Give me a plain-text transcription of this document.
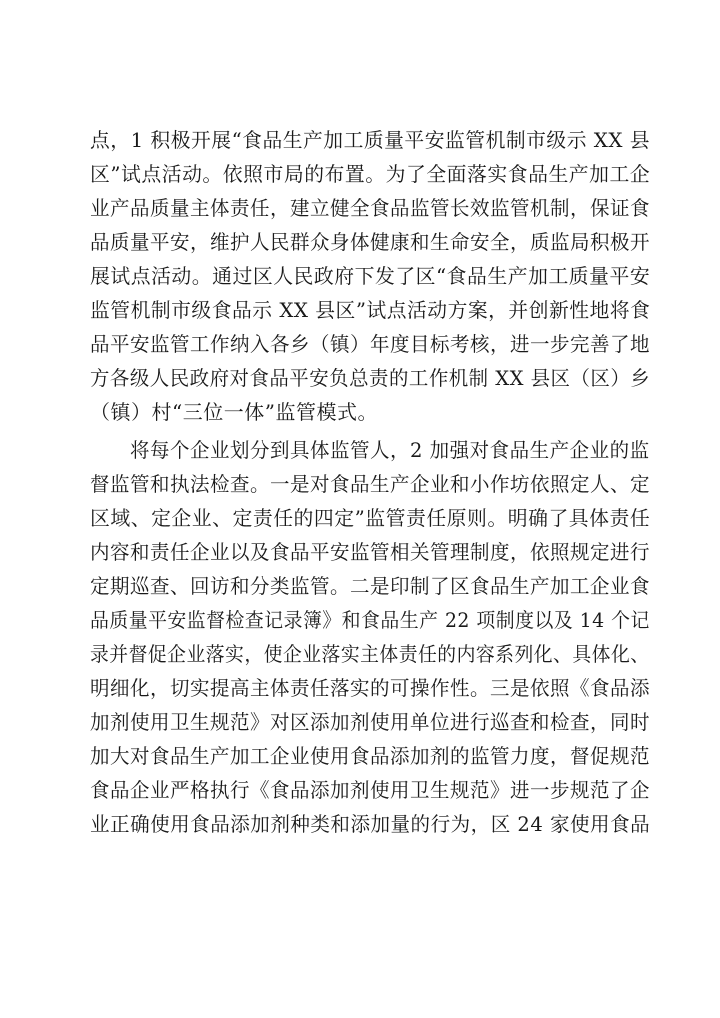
点，1 积极开展“食品生产加工质量平安监管机制市级示 XX 县
区”试点活动。依照市局的布置。为了全面落实食品生产加工企
业产品质量主体责任，建立健全食品监管长效监管机制，保证食
品质量平安，维护人民群众身体健康和生命安全，质监局积极开
展试点活动。通过区人民政府下发了区“食品生产加工质量平安
监管机制市级食品示 XX 县区”试点活动方案，并创新性地将食
品平安监管工作纳入各乡（镇）年度目标考核，进一步完善了地
方各级人民政府对食品平安负总责的工作机制 XX 县区（区）乡
（镇）村“三位一体”监管模式。
将每个企业划分到具体监管人，2 加强对食品生产企业的监
督监管和执法检查。一是对食品生产企业和小作坊依照定人、定
区域、定企业、定责任的四定”监管责任原则。明确了具体责任
内容和责任企业以及食品平安监管相关管理制度，依照规定进行
定期巡查、回访和分类监管。二是印制了区食品生产加工企业食
品质量平安监督检查记录簿》和食品生产 22 项制度以及 14 个记
录并督促企业落实，使企业落实主体责任的内容系列化、具体化、
明细化，切实提高主体责任落实的可操作性。三是依照《食品添
加剂使用卫生规范》对区添加剂使用单位进行巡查和检查，同时
加大对食品生产加工企业使用食品添加剂的监管力度，督促规范
食品企业严格执行《食品添加剂使用卫生规范》进一步规范了企
业正确使用食品添加剂种类和添加量的行为，区 24 家使用食品
